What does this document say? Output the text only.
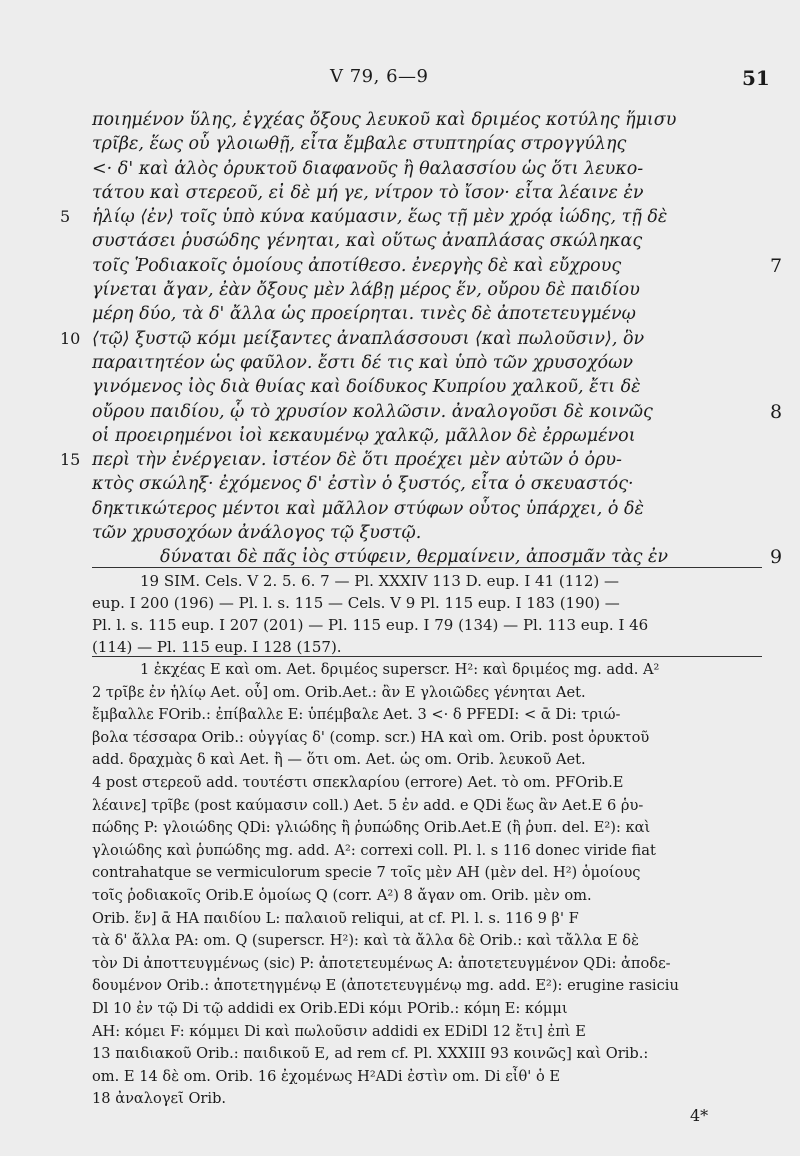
V 79, 6—9	51
ποιημένον ὕλης, ἐγχέας ὄξους λευκοῦ καὶ δριμέος κοτύλης ἥμισυ
τρῖβε, ἕως οὗ γλοιωθῇ, εἶτα ἔμβαλε στυπτηρίας στρογγύλης
<· δ' καὶ ἁλὸς ὀρυκτοῦ διαφανοῦς ἢ θαλασσίου ὡς ὅτι λευκο-
τάτου καὶ στερεοῦ, εἰ δὲ μή γε, νίτρον τὸ ἴσον· εἶτα λέαινε ἐν
5 ἡλίῳ ⟨ἐν⟩ τοῖς ὑπὸ κύνα καύμασιν, ἕως τῇ μὲν χρόᾳ ἰώδης, τῇ δὲ
συστάσει ῥυσώδης γένηται, καὶ οὕτως ἀναπλάσας σκώληκας
τοῖς Ῥοδιακοῖς ὁμοίους ἀποτίθεσο. ἐνεργὴς δὲ καὶ εὔχρους	7
γίνεται ἄγαν, ἐὰν ὄξους μὲν λάβῃ μέρος ἕν, οὔρου δὲ παιδίου
μέρη δύο, τὰ δ' ἄλλα ὡς προείρηται. τινὲς δὲ ἀποτετευγμένῳ
10 ⟨τῷ⟩ ξυστῷ κόμι μείξαντες ἀναπλάσσουσι ⟨καὶ πωλοῦσιν⟩, ὃν
παραιτητέον ὡς φαῦλον. ἔστι δέ τις καὶ ὑπὸ τῶν χρυσοχόων
γινόμενος ἰὸς διὰ θυίας καὶ δοίδυκος Κυπρίου χαλκοῦ, ἔτι δὲ
οὔρου παιδίου, ᾧ τὸ χρυσίον κολλῶσιν. ἀναλογοῦσι δὲ κοινῶς	8
οἱ προειρημένοι ἰοὶ κεκαυμένῳ χαλκῷ, μᾶλλον δὲ ἐρρωμένοι
15 περὶ τὴν ἐνέργειαν. ἰστέον δὲ ὅτι προέχει μὲν αὐτῶν ὁ ὀρυ-
κτὸς σκώληξ· ἐχόμενος δ' ἐστὶν ὁ ξυστός, εἶτα ὁ σκευαστός·
δηκτικώτερος μέντοι καὶ μᾶλλον στύφων οὗτος ὑπάρχει, ὁ δὲ
τῶν χρυσοχόων ἀνάλογος τῷ ξυστῷ.
δύναται δὲ πᾶς ἰὸς στύφειν, θερμαίνειν, ἀποσμᾶν τὰς ἐν	9
19 SIM. Cels. V 2. 5. 6. 7 — Pl. XXXIV 113 D. eup. I 41 (112) —
eup. I 200 (196) — Pl. l. s. 115 — Cels. V 9 Pl. 115 eup. I 183 (190) —
Pl. l. s. 115 eup. I 207 (201) — Pl. 115 eup. I 79 (134) — Pl. 113 eup. I 46
(114) — Pl. 115 eup. I 128 (157).
1 ἐκχέας E καὶ om. Aet. δριμέος superscr. H²: καὶ δριμέος mg. add. A²
2 τρῖβε ἐν ἡλίῳ Aet. οὗ] om. Orib.Aet.: ἂν E γλοιῶδες γένηται Aet.
ἔμβαλλε FOrib.: ἐπίβαλλε E: ὑπέμβαλε Aet. 3 <· δ PFEDI: < ᾱ Di: τριώ-
βολα τέσσαρα Orib.: οὐγγίας δ' (comp. scr.) HA καὶ om. Orib. post ὀρυκτοῦ
add. δραχμὰς δ καὶ Aet. ἢ — ὅτι om. Aet. ὡς om. Orib. λευκοῦ Aet.
4 post στερεοῦ add. τουτέστι σπεκλαρίου (errore) Aet. τὸ om. PFOrib.E
λέαινε] τρῖβε (post καύμασιν coll.) Aet. 5 ἐν add. e QDi ἕως ἂν Aet.E 6 ῥυ-
πώδης P: γλοιώδης QDi: γλιώδης ἢ ῥυπώδης Orib.Aet.E (ἢ ῥυπ. del. E²): καὶ
γλοιώδης καὶ ῥυπώδης mg. add. A²: correxi coll. Pl. l. s 116 donec viride fiat
contrahatque se vermiculorum specie 7 τοῖς μὲν AH (μὲν del. H²) ὁμοίους
τοῖς ῥοδιακοῖς Orib.E ὁμοίως Q (corr. A²) 8 ἄγαν om. Orib. μὲν om.
Orib. ἕν] ᾱ HA παιδίου L: παλαιοῦ reliqui, at cf. Pl. l. s. 116 9 β' F
τὰ δ' ἄλλα PA: om. Q (superscr. H²): καὶ τὰ ἄλλα δὲ Orib.: καὶ τἄλλα E δὲ
τὸν Di ἀποττευγμένως (sic) P: ἀποτετευμένως A: ἀποτετευγμένον QDi: ἀποδε-
δουμένον Orib.: ἀποτετηγμένῳ E (ἀποτετευγμένῳ mg. add. E²): erugine rasiciu
Dl 10 ἐν τῷ Di τῷ addidi ex Orib.EDi κόμι POrib.: κόμη E: κόμμι
AH: κόμει F: κόμμει Di καὶ πωλοῦσιν addidi ex EDiDl 12 ἔτι] ἐπὶ E
13 παιδιακοῦ Orib.: παιδικοῦ E, ad rem cf. Pl. XXXIII 93 κοινῶς] καὶ Orib.:
om. E 14 δὲ om. Orib. 16 ἐχομένως H²ADi ἐστὶν om. Di εἶθ' ὁ E
18 ἀναλογεῖ Orib.
4*
